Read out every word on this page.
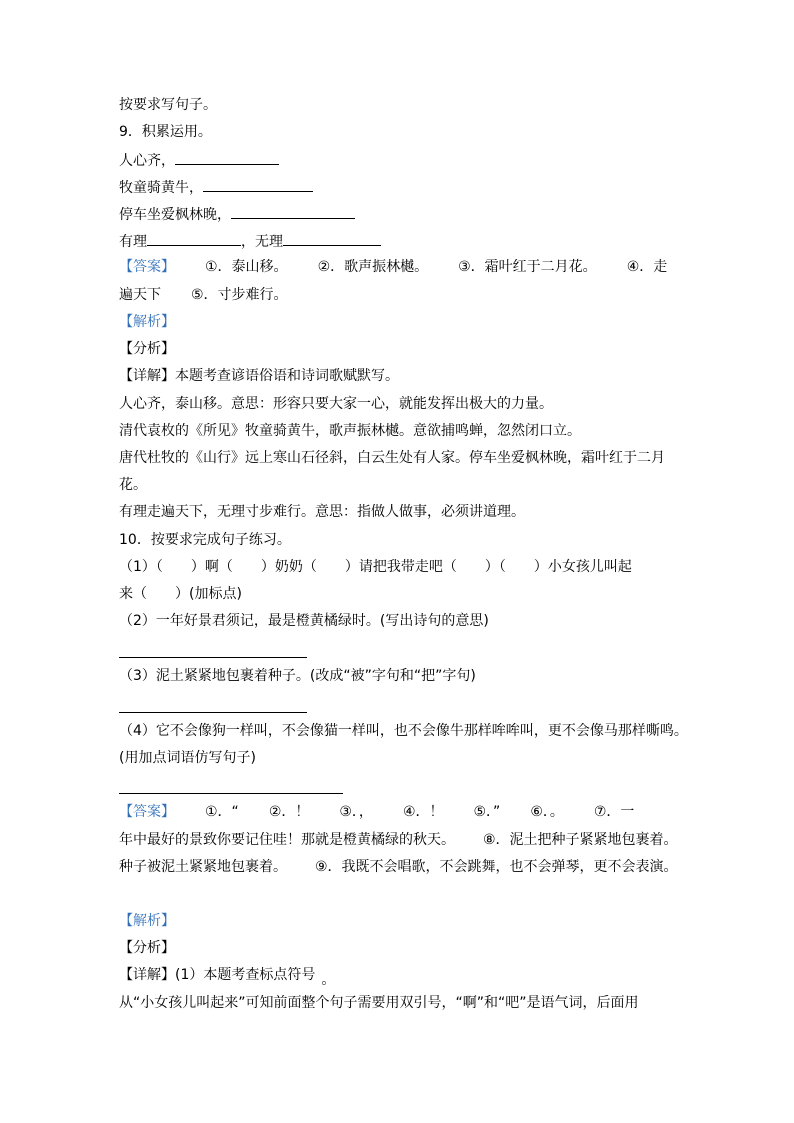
按要求写句子。
9．积累运用。
人心齐，
牧童骑黄牛，
停车坐爱枫林晚，
有理	，无理
【答案】 ①．泰山移。 ②．歌声振林樾。 ③．霜叶红于二月花。 ④．走
遍天下 ⑤．寸步难行。
【解析】
【分析】
【详解】本题考查谚语俗语和诗词歌赋默写。
人心齐，泰山移。意思：形容只要大家一心，就能发挥出极大的力量。
清代袁枚的《所见》牧童骑黄牛，歌声振林樾。意欲捕鸣蝉，忽然闭口立。
唐代杜牧的《山行》远上寒山石径斜，白云生处有人家。停车坐爱枫林晚，霜叶红于二月
花。
有理走遍天下，无理寸步难行。意思：指做人做事，必须讲道理。
10．按要求完成句子练习。
（1）（　　）啊（　　）奶奶（　　）请把我带走吧（　　）（　　）小女孩儿叫起
来（　　）(加标点)
（2）一年好景君须记，最是橙黄橘绿时。(写出诗句的意思)
（3）泥土紧紧地包裹着种子。(改成“被”字句和“把”字句)
（4）它不会像狗一样叫，不会像猫一样叫，也不会像牛那样哞哞叫，更不会像马那样嘶鸣。
(用加点词语仿写句子)
【答案】 ①．“ ②．！ ③．， ④．！ ⑤．” ⑥．。 ⑦．一
年中最好的景致你要记住哇！那就是橙黄橘绿的秋天。 ⑧．泥土把种子紧紧地包裹着。
种子被泥土紧紧地包裹着。 ⑨．我既不会唱歌，不会跳舞，也不会弹琴，更不会表演。
【解析】
【分析】
【详解】(1）本题考查标点符号 。
从“小女孩儿叫起来”可知前面整个句子需要用双引号，“啊”和“吧”是语气词，后面用
